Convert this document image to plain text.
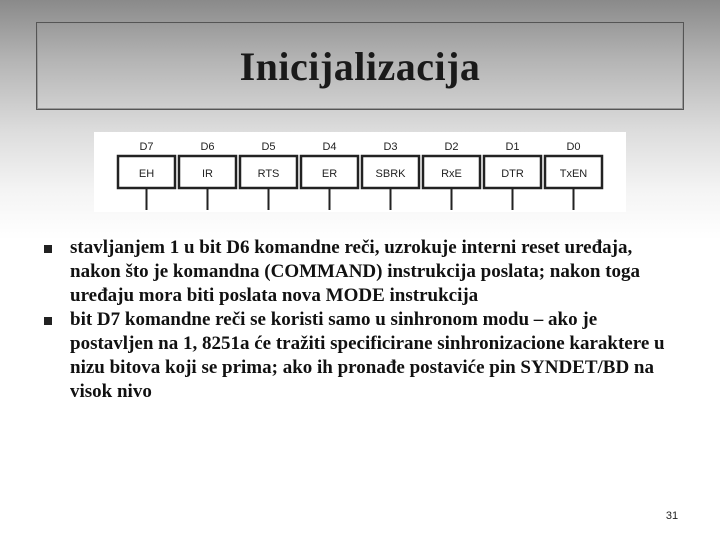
Inicijalizacija
EH
D7
IR
D6
RTS
D5
ER
D4
SBRK
D3
RxE
D2
DTR
D1
TxEN
D0
stavljanjem 1 u bit D6 komandne reči, uzrokuje interni reset uređaja, nakon što je komandna (COMMAND) instrukcija poslata; nakon toga uređaju mora biti poslata nova MODE instrukcija
bit D7 komandne reči se koristi samo u sinhronom modu – ako je postavljen na 1, 8251a će tražiti specificirane sinhronizacione karaktere u nizu bitova koji se prima; ako ih pronađe postaviće pin SYNDET/BD na visok nivo
31
